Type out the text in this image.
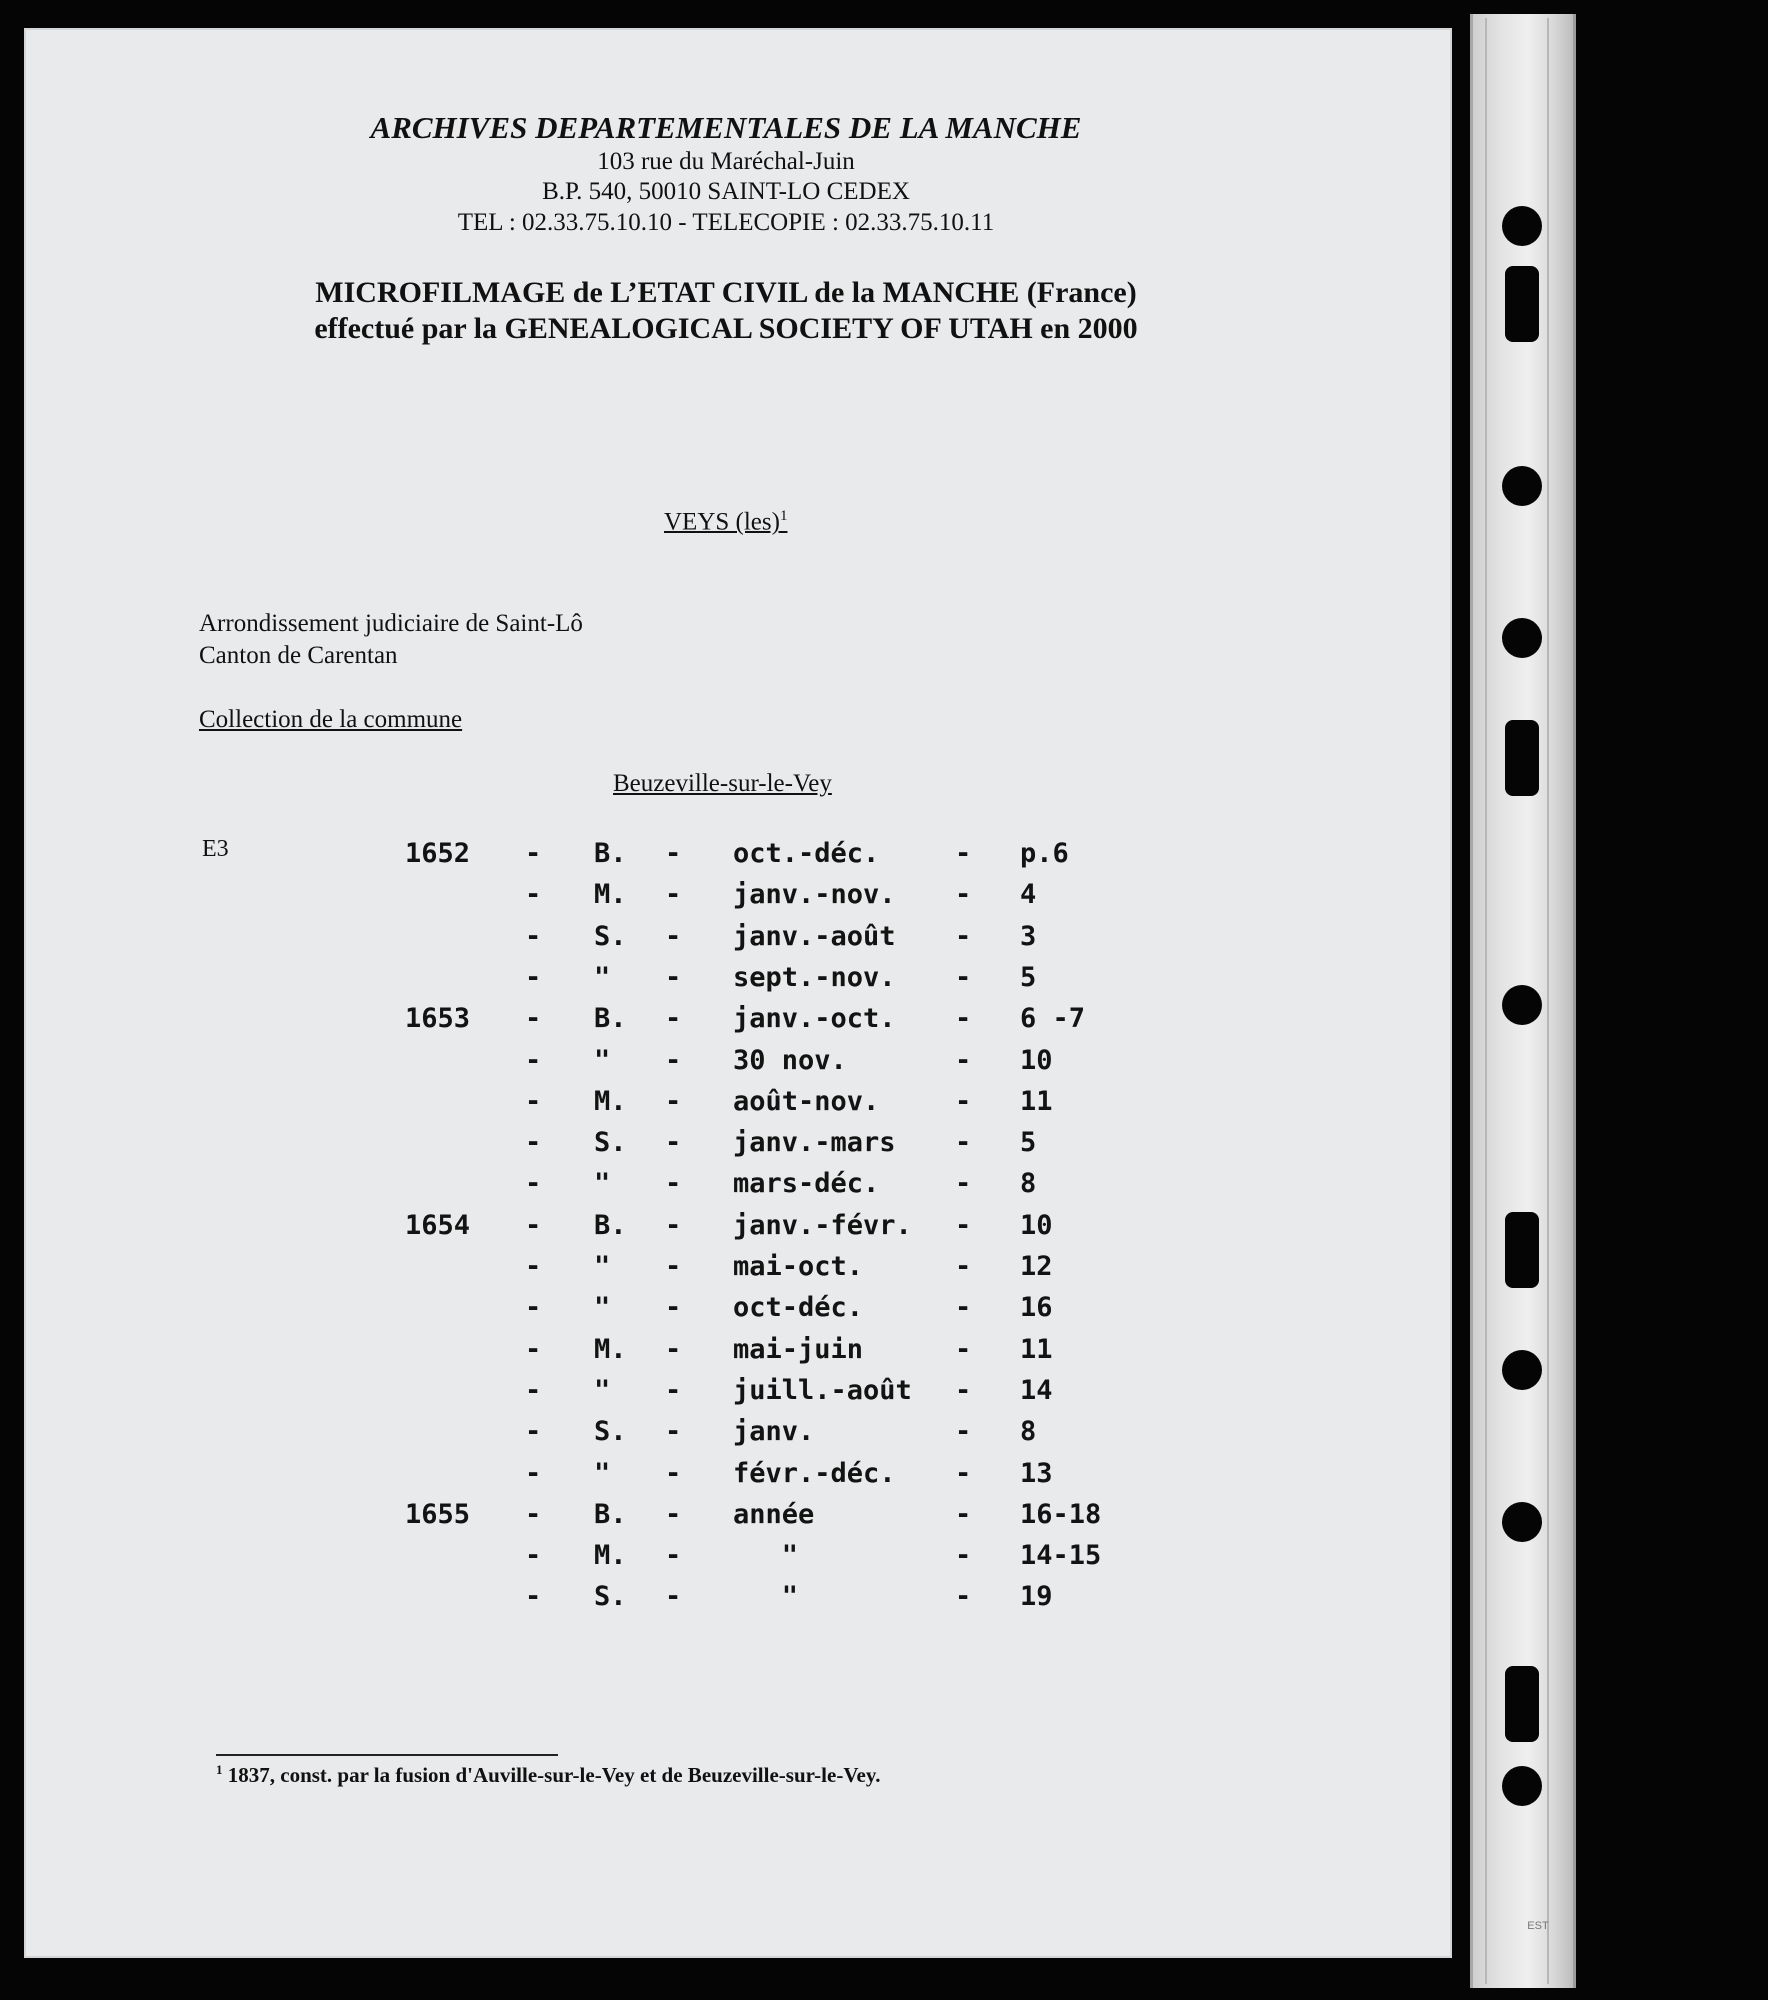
EST
ARCHIVES DEPARTEMENTALES DE LA MANCHE
103 rue du Maréchal-Juin
B.P. 540, 50010 SAINT-LO CEDEX
TEL : 02.33.75.10.10 - TELECOPIE : 02.33.75.10.11
MICROFILMAGE de L’ETAT CIVIL de la MANCHE (France)
effectué par la GENEALOGICAL SOCIETY OF UTAH en 2000
VEYS (les)$^1$
Arrondissement judiciaire de Saint-Lô
Canton de Carentan
Collection de la commune
Beuzeville-sur-le-Vey
E3	1652 - B. - oct.-déc.	- p.6
- M. - janv.-nov. - 4
- S. - janv.-août - 3
- " - sept.-nov. - 5
1653 - B. - janv.-oct. - 6 -7
- " - 30 nov.	- 10
- M. - août-nov.	- 11
- S. - janv.-mars - 5
- " - mars-déc.	- 8
1654 - B. - janv.-févr. - 10
- " - mai-oct.	- 12
- " - oct-déc.	- 16
- M. - mai-juin	- 11
- " - juill.-août - 14
- S. - janv.	- 8
- " - févr.-déc. - 13
1655 - B. - année	- 16-18
- M. - "	- 14-15
- S. - "	- 19
$^1$ 1837, const. par la fusion d'Auville-sur-le-Vey et de Beuzeville-sur-le-Vey.
